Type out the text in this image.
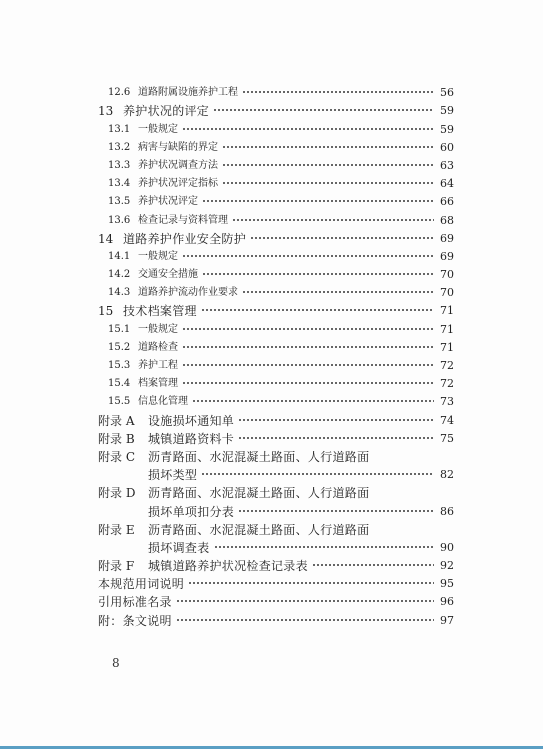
12.6 道路附属设施养护工程	56
13 养护状况的评定	59
13.1 一般规定	59
13.2 病害与缺陷的界定	60
13.3 养护状况调查方法	63
13.4 养护状况评定指标	64
13.5 养护状况评定	66
13.6 检查记录与资料管理	68
14 道路养护作业安全防护	69
14.1 一般规定	69
14.2 交通安全措施	70
14.3 道路养护流动作业要求	70
15 技术档案管理	71
15.1 一般规定	71
15.2 道路检查	71
15.3 养护工程	72
15.4 档案管理	72
15.5 信息化管理	73
附录 A	设施损坏通知单	74
附录 B	城镇道路资料卡	75
附录 C	沥青路面、水泥混凝土路面、人行道路面
损坏类型	82
附录 D	沥青路面、水泥混凝土路面、人行道路面
损坏单项扣分表	86
附录 E	沥青路面、水泥混凝土路面、人行道路面
损坏调查表	90
附录 F	城镇道路养护状况检查记录表	92
本规范用词说明	95
引用标准名录	96
附：条文说明	97
8
